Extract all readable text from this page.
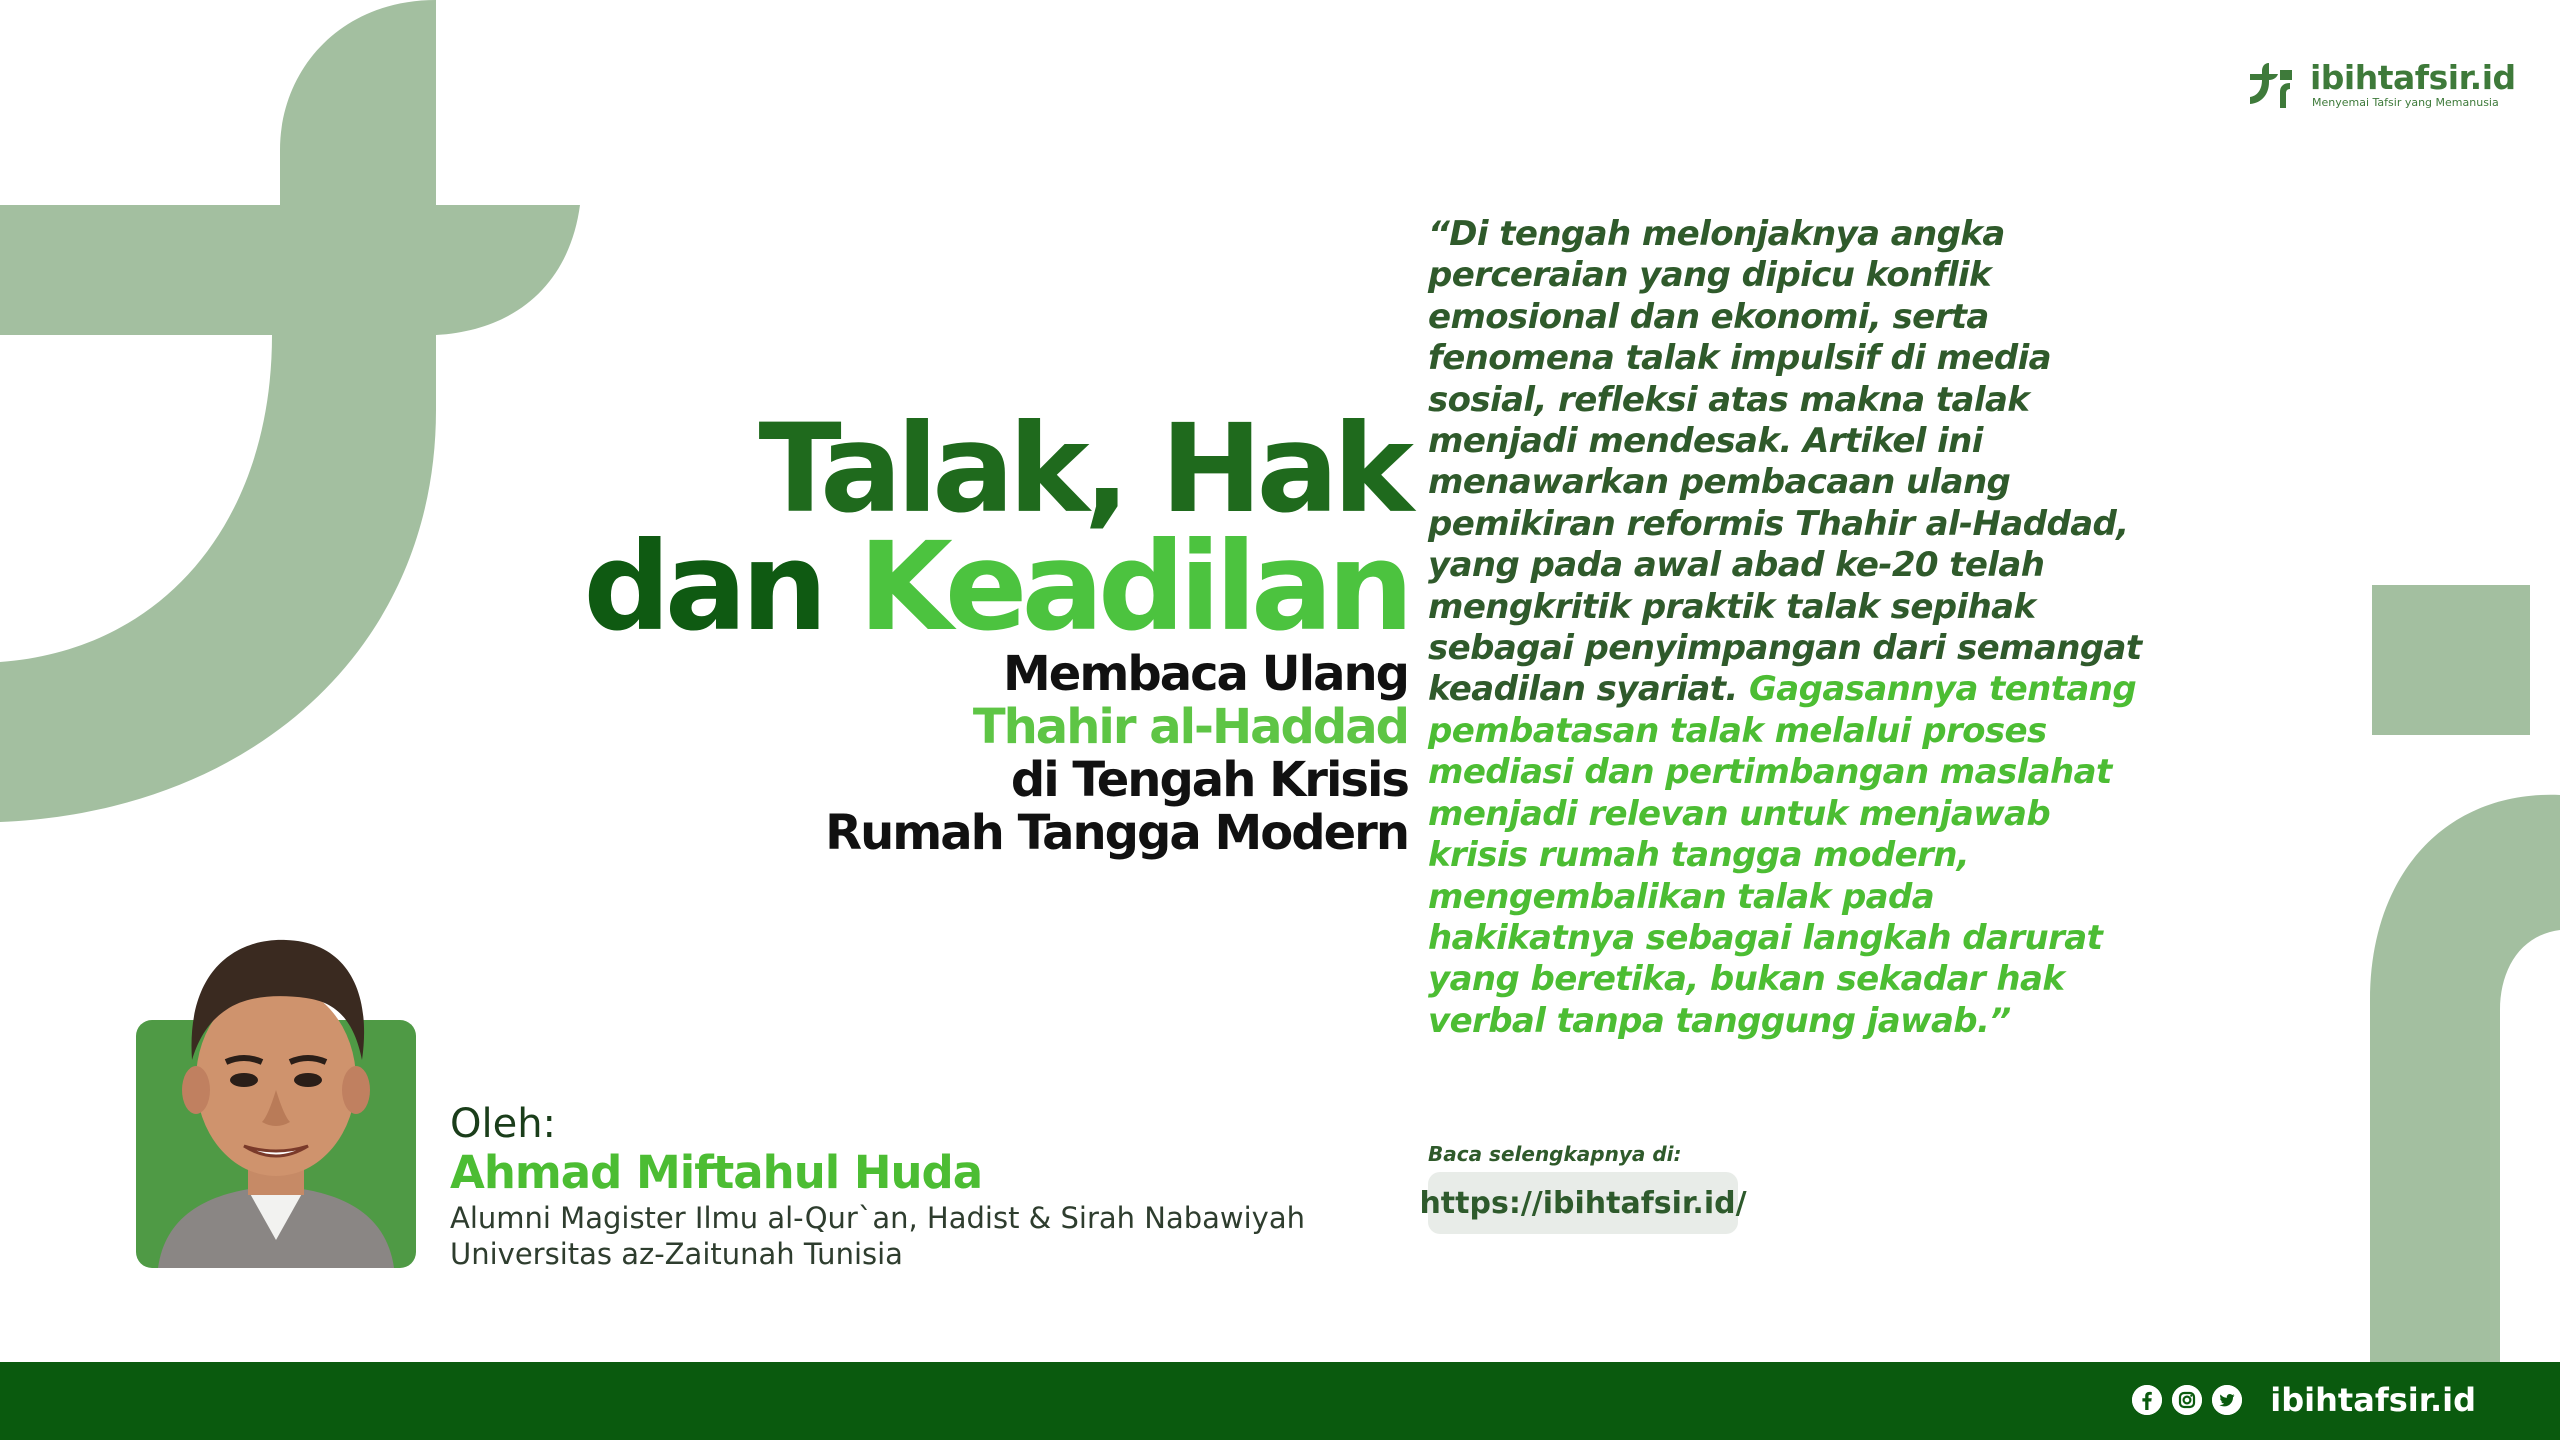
ibihtafsir.id
Menyemai Tafsir yang Memanusia
Talak, Hak
dan Keadilan
Membaca Ulang
Thahir al-Haddad
di Tengah Krisis
Rumah Tangga Modern
“Di tengah melonjaknya angka perceraian yang dipicu konflik emosional dan ekonomi, serta fenomena talak impulsif di media sosial, refleksi atas makna talak menjadi mendesak. Artikel ini menawarkan pembacaan ulang pemikiran reformis Thahir al-Haddad, yang pada awal abad ke-20 telah mengkritik praktik talak sepihak sebagai penyimpangan dari semangat keadilan syariat. Gagasannya tentang pembatasan talak melalui proses mediasi dan pertimbangan maslahat menjadi relevan untuk menjawab krisis rumah tangga modern, mengembalikan talak pada hakikatnya sebagai langkah darurat yang beretika, bukan sekadar hak verbal tanpa tanggung jawab.”
Oleh:
Ahmad Miftahul Huda
Alumni Magister Ilmu al-Qur`an, Hadist & Sirah Nabawiyah
Universitas az-Zaitunah Tunisia
Baca selengkapnya di:
https://ibihtafsir.id/
ibihtafsir.id
